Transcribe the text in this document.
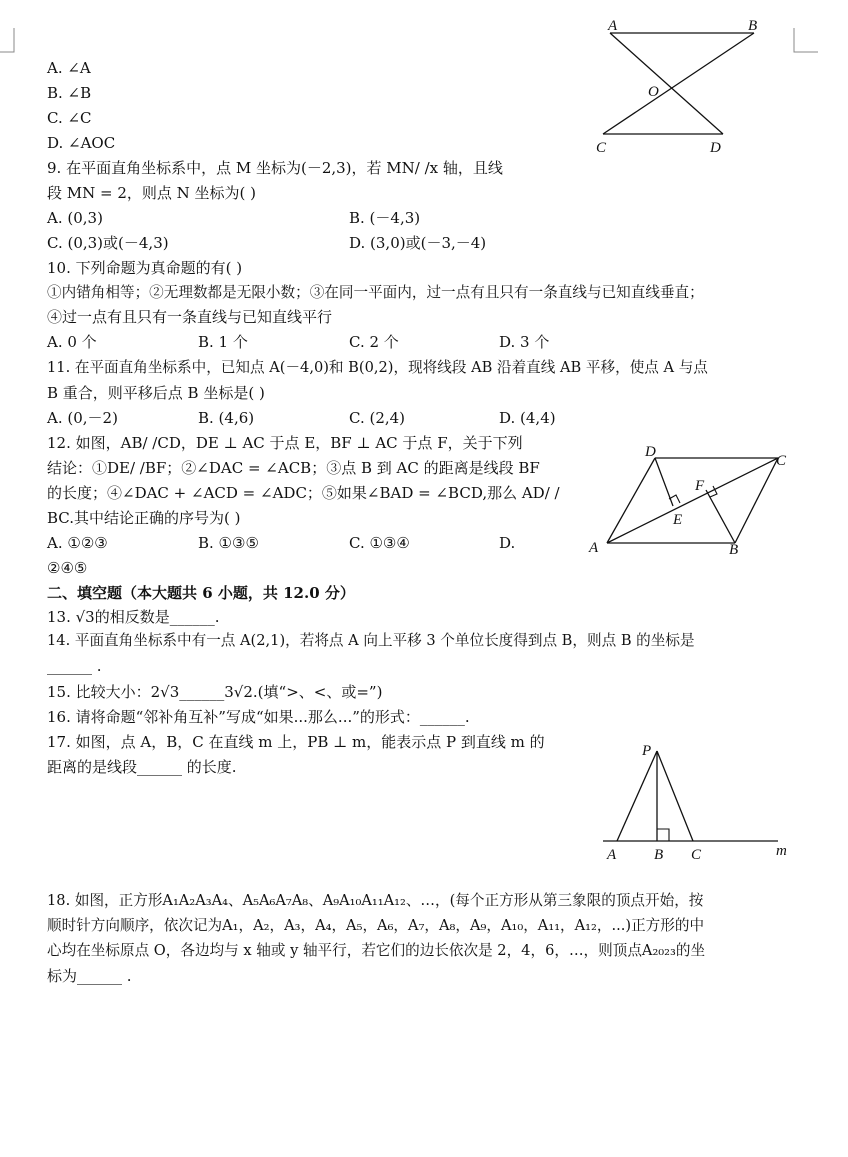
A. ∠A
B. ∠B
C. ∠C
D. ∠AOC
A	B
O
C	D
9. 在平面直角坐标系中，点 M 坐标为(－2,3)，若 MN/ /x 轴，且线
段 MN = 2，则点 N 坐标为( )
A. (0,3)	B. (－4,3)
C. (0,3)或(－4,3)	D. (3,0)或(－3,－4)
10. 下列命题为真命题的有( )
①内错角相等；②无理数都是无限小数；③在同一平面内，过一点有且只有一条直线与已知直线垂直；
④过一点有且只有一条直线与已知直线平行
A. 0 个	B. 1 个	C. 2 个	D. 3 个
11. 在平面直角坐标系中，已知点 A(－4,0)和 B(0,2)，现将线段 AB 沿着直线 AB 平移，使点 A 与点
B 重合，则平移后点 B 坐标是( )
A. (0,－2)	B. (4,6)	C. (2,4)	D. (4,4)
12. 如图，AB/ /CD，DE ⊥ AC 于点 E，BF ⊥ AC 于点 F，关于下列
结论：①DE/ /BF；②∠DAC = ∠ACB；③点 B 到 AC 的距离是线段 BF
的长度；④∠DAC + ∠ACD = ∠ADC；⑤如果∠BAD = ∠BCD,那么 AD/ /
BC.其中结论正确的序号为( )
A. ①②③	B. ①③⑤	C. ①③④	D.
②④⑤
D
C
F
E
A	B
二、填空题（本大题共 6 小题，共 12.0 分）
13. √3的相反数是______.
14. 平面直角坐标系中有一点 A(2,1)，若将点 A 向上平移 3 个单位长度得到点 B，则点 B 的坐标是
______ .
15. 比较大小：2√3______3√2.(填“>、<、或=”)
16. 请将命题“邻补角互补”写成“如果...那么...”的形式：______.
17. 如图，点 A，B，C 在直线 m 上，PB ⊥ m，能表示点 P 到直线 m 的
距离的是线段______ 的长度.
P
A	B C	m
18. 如图，正方形A₁A₂A₃A₄、A₅A₆A₇A₈、A₉A₁₀A₁₁A₁₂、…，(每个正方形从第三象限的顶点开始，按
顺时针方向顺序，依次记为A₁，A₂，A₃，A₄，A₅，A₆，A₇，A₈，A₉，A₁₀，A₁₁，A₁₂，...)正方形的中
心均在坐标原点 O，各边均与 x 轴或 y 轴平行，若它们的边长依次是 2，4，6，…，则顶点A₂₀₂₃的坐
标为______ .
